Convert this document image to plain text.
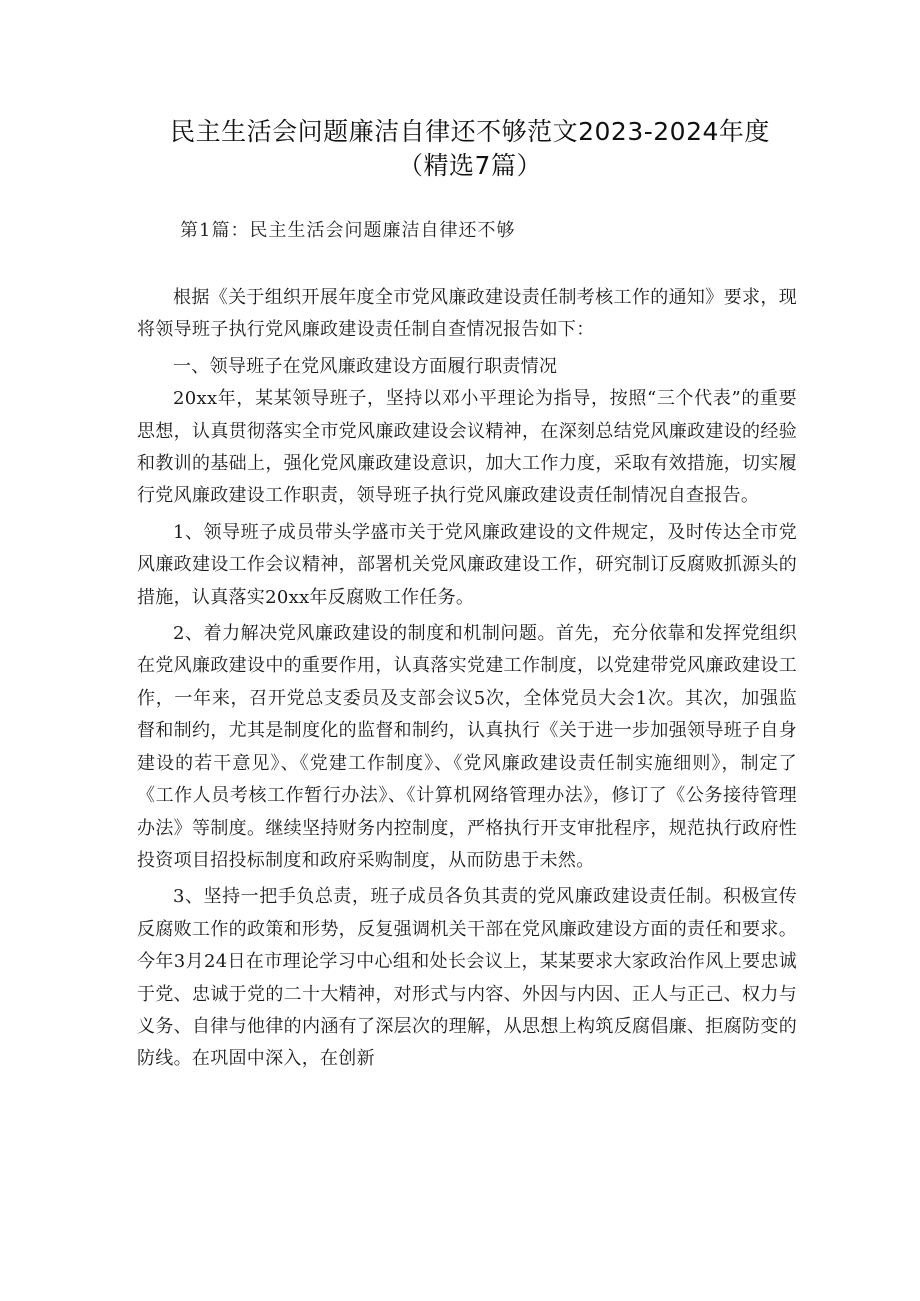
民主生活会问题廉洁自律还不够范文2023-2024年度
（精选7篇）
第1篇：民主生活会问题廉洁自律还不够

根据《关于组织开展年度全市党风廉政建设责任制考核工作的通知》要求，现将领导班子执行党风廉政建设责任制自查情况报告如下：

一、领导班子在党风廉政建设方面履行职责情况

20xx年，某某领导班子，坚持以邓小平理论为指导，按照“三个代表”的重要思想，认真贯彻落实全市党风廉政建设会议精神，在深刻总结党风廉政建设的经验和教训的基础上，强化党风廉政建设意识，加大工作力度，采取有效措施，切实履行党风廉政建设工作职责，领导班子执行党风廉政建设责任制情况自查报告。

1、领导班子成员带头学盛市关于党风廉政建设的文件规定，及时传达全市党风廉政建设工作会议精神，部署机关党风廉政建设工作，研究制订反腐败抓源头的措施，认真落实20xx年反腐败工作任务。

2、着力解决党风廉政建设的制度和机制问题。首先，充分依靠和发挥党组织在党风廉政建设中的重要作用，认真落实党建工作制度，以党建带党风廉政建设工作，一年来，召开党总支委员及支部会议5次，全体党员大会1次。其次，加强监督和制约，尤其是制度化的监督和制约，认真执行《关于进一步加强领导班子自身建设的若干意见》、《党建工作制度》、《党风廉政建设责任制实施细则》，制定了《工作人员考核工作暂行办法》、《计算机网络管理办法》，修订了《公务接待管理办法》等制度。继续坚持财务内控制度，严格执行开支审批程序，规范执行政府性投资项目招投标制度和政府采购制度，从而防患于未然。

3、坚持一把手负总责，班子成员各负其责的党风廉政建设责任制。积极宣传反腐败工作的政策和形势，反复强调机关干部在党风廉政建设方面的责任和要求。今年3月24日在市理论学习中心组和处长会议上，某某要求大家政治作风上要忠诚于党、忠诚于党的二十大精神，对形式与内容、外因与内因、正人与正己、权力与义务、自律与他律的内涵有了深层次的理解，从思想上构筑反腐倡廉、拒腐防变的防线。在巩固中深入，在创新
